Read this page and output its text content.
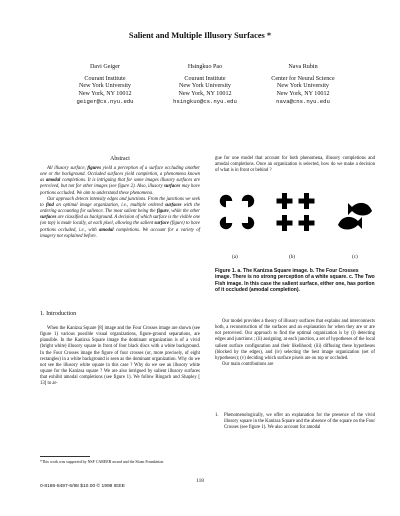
Salient and Multiple Illusory Surfaces *
Davi Geiger
Courant Institute
New York University
New York, NY 10012
geiger@cs.nyu.edu
Hsingkuo Pao
Courant Institute
New York University
New York, NY 10012
hsingkuo@cs.nyu.edu
Nava Rubin
Center for Neural Science
New York University
New York, NY 10012
nava@cns.nyu.edu
Abstract

All illusory surface, figures yield a perception of a surface occluding another one or the background. Occluded surfaces yield completion, a phenomena known as amodal completions. It is intriguing that for some images illusory surfaces are perceived, but not for other images (see figure 2). Also, illusory surfaces may have portions occluded. We aim to understand these phenomena.

Our approach detects intensity edges and junctions. From the junctions we seek to find an optimal image organization, i.e., multiple ordered surfaces with the ordering accounting for salience. The most salient being the figure, while the other surfaces are classified as background. A decision of which surface is the visible one (on top) is made locally, at each pixel, allowing the salient surface (figure) to have portions occluded, i.e., with amodal completions. We account for a variety of imagery not explained before.

1. Introduction

When the Kanizsa Square [8] image and the Four Crosses image are shown (see figure 1) various possible visual organizations, figure-ground separations, are plausible. In the Kanizsa Square image the dominant organization is of a vivid (bright white) illusory square in front of four black discs with a white background. In the Four Crosses image the figure of four crosses (or, more precisely, of eight rectangles) in a white background is seen as the dominant organization. Why do we not see the illusory white square in this case ? Why do we see an illusory white square for the Kanizsa square ? We are also intrigued by salient illusory surfaces that exhibit amodal completions (see figure 1). We follow Ringach and Shapley [ 13] to ar-

*This work was supported by NSF CAREER award and the Sloan Foundation.

gue for one model that account for both phenomena, illusory completions and amodal completions. Once an organization is selected, how do we make a decision of what is in front or behind ?

(a)	(b)	(c)
Figure 1. a. The Kanizsa Square image. b. The Four Crosses image. There is no strong perception of a white square. c. The Two Fish image. In this case the salient surface, either one, has portion of it occluded (amodal completion).

Our model provides a theory of illusory surfaces that explains and interconnects both, a reconstruction of the surfaces and an explanation for when they are or are not perceived. Our approach to find the optimal organization is by (i) detecting edges and junctions ; (ii) assigning, at each junction, a set of hypotheses of the local salient surface configuration and their likelihood; (iii) diffusing these hypotheses (blocked by the edges), and (iv) selecting the best image organization (set of hypotheses); (v) deciding which surface pixels are on top or occluded.

Our main contributions are

1. Phenomenologically, we offer an explanation for the presence of the vivid illusory square in the Kanizsa Square and the absence of the square on the Four Crosses (see figure 1). We also account for amodal
118
0-8186-8497-6/98 $10.00 © 1998 IEEE
